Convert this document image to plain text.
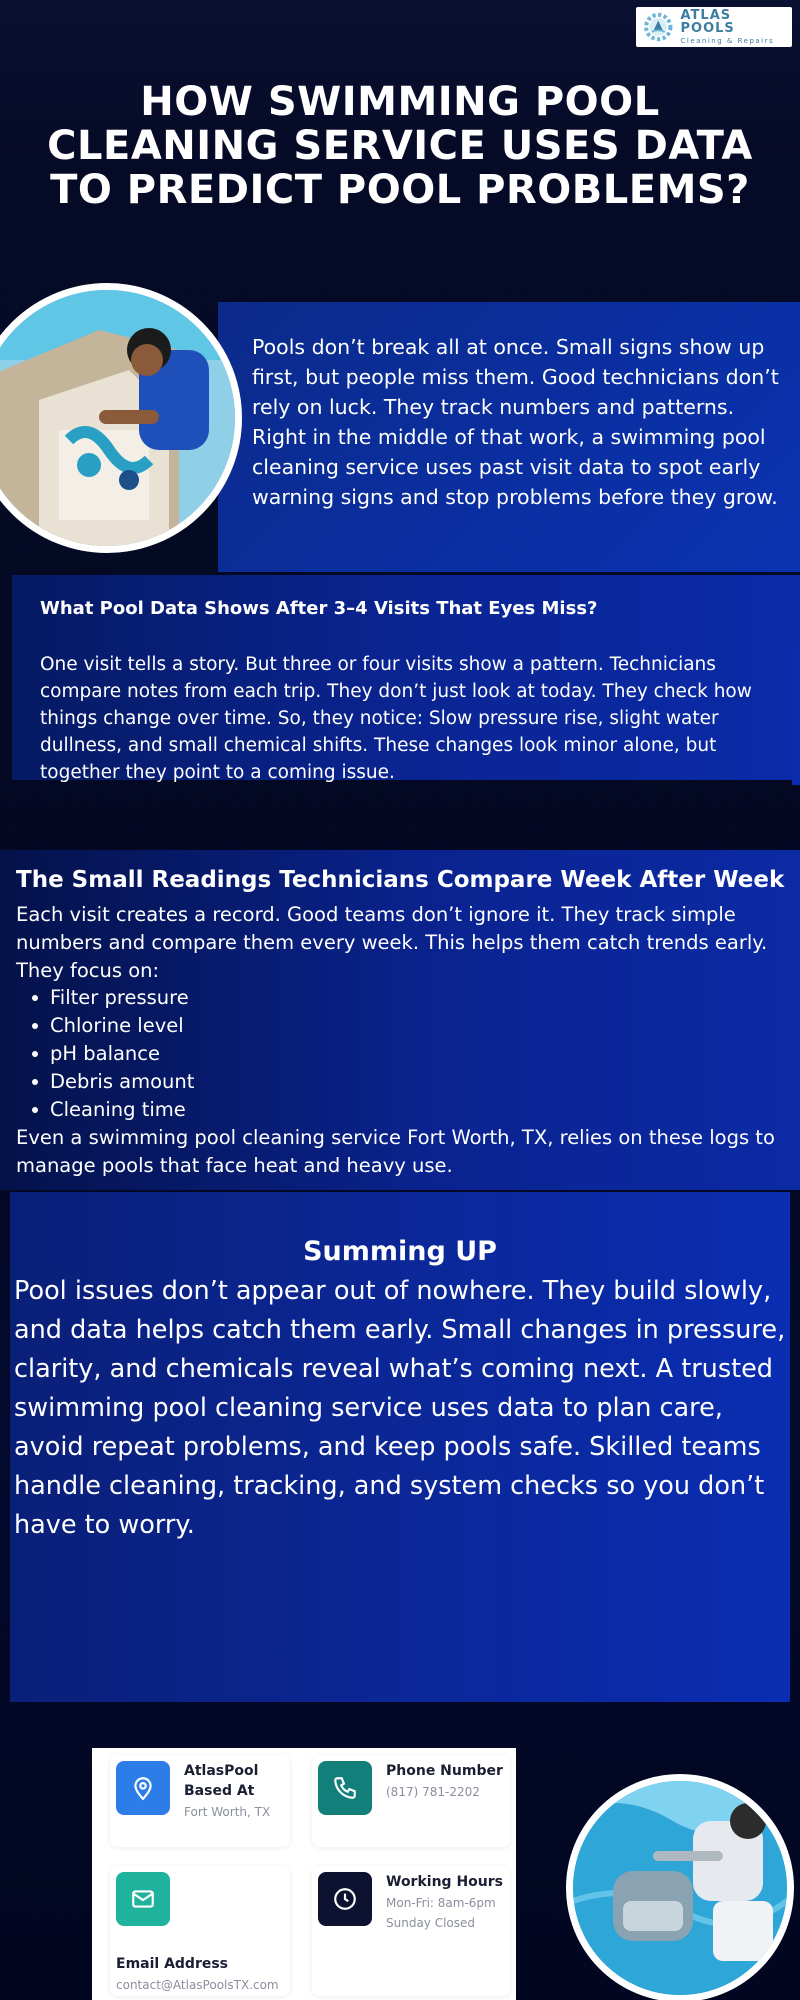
ATLAS POOLS
Cleaning & Repairs
HOW SWIMMING POOL CLEANING SERVICE USES DATA TO PREDICT POOL PROBLEMS?

Pools don’t break all at once. Small signs show up first, but people miss them. Good technicians don’t rely on luck. They track numbers and patterns. Right in the middle of that work, a swimming pool cleaning service uses past visit data to spot early warning signs and stop problems before they grow.

What Pool Data Shows After 3–4 Visits That Eyes Miss?

One visit tells a story. But three or four visits show a pattern. Technicians compare notes from each trip. They don’t just look at today. They check how things change over time. So, they notice: Slow pressure rise, slight water dullness, and small chemical shifts. These changes look minor alone, but together they point to a coming issue.

The Small Readings Technicians Compare Week After Week

Each visit creates a record. Good teams don’t ignore it. They track simple numbers and compare them every week. This helps them catch trends early. They focus on:

Filter pressure
Chlorine level
pH balance
Debris amount
Cleaning time

Even a swimming pool cleaning service Fort Worth, TX, relies on these logs to manage pools that face heat and heavy use.

Summing UP

Pool issues don’t appear out of nowhere. They build slowly, and data helps catch them early. Small changes in pressure, clarity, and chemicals reveal what’s coming next. A trusted swimming pool cleaning service uses data to plan care, avoid repeat problems, and keep pools safe. Skilled teams handle cleaning, tracking, and system checks so you don’t have to worry.

AtlasPool Based At
Fort Worth, TX
Phone Number
(817) 781-2202
Email Address
contact@AtlasPoolsTX.com
Working Hours
Mon-Fri: 8am-6pm
Sunday Closed
